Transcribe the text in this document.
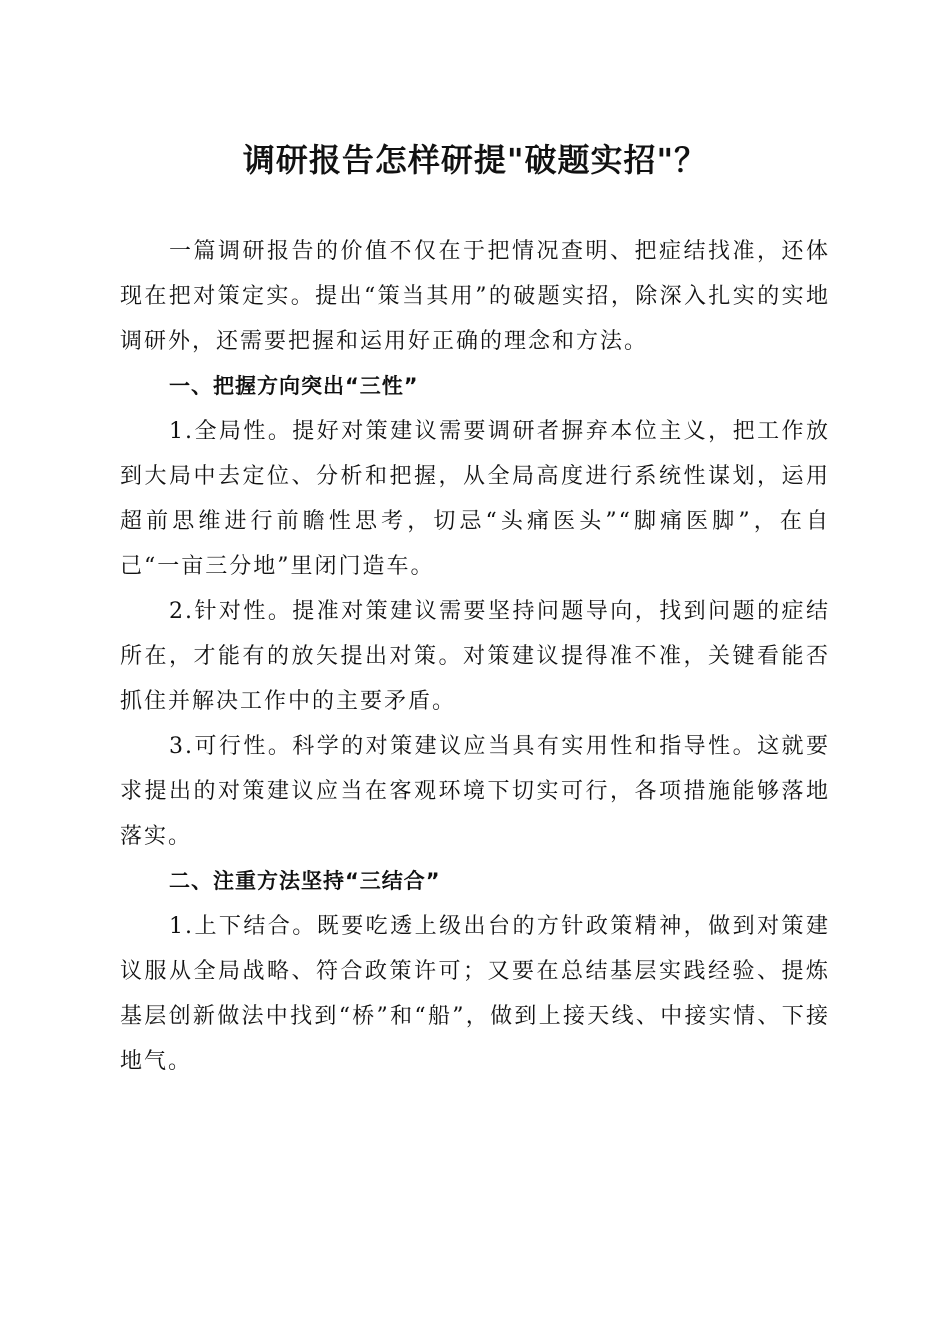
调研报告怎样研提"破题实招"？

一篇调研报告的价值不仅在于把情况查明、把症结找准，还体现在把对策定实。提出“策当其用”的破题实招，除深入扎实的实地调研外，还需要把握和运用好正确的理念和方法。

一、把握方向突出“三性”

1.全局性。提好对策建议需要调研者摒弃本位主义，把工作放到大局中去定位、分析和把握，从全局高度进行系统性谋划，运用超前思维进行前瞻性思考，切忌“头痛医头”“脚痛医脚”，在自己“一亩三分地”里闭门造车。

2.针对性。提准对策建议需要坚持问题导向，找到问题的症结所在，才能有的放矢提出对策。对策建议提得准不准，关键看能否抓住并解决工作中的主要矛盾。

3.可行性。科学的对策建议应当具有实用性和指导性。这就要求提出的对策建议应当在客观环境下切实可行，各项措施能够落地落实。

二、注重方法坚持“三结合”

1.上下结合。既要吃透上级出台的方针政策精神，做到对策建议服从全局战略、符合政策许可；又要在总结基层实践经验、提炼基层创新做法中找到“桥”和“船”，做到上接天线、中接实情、下接地气。
